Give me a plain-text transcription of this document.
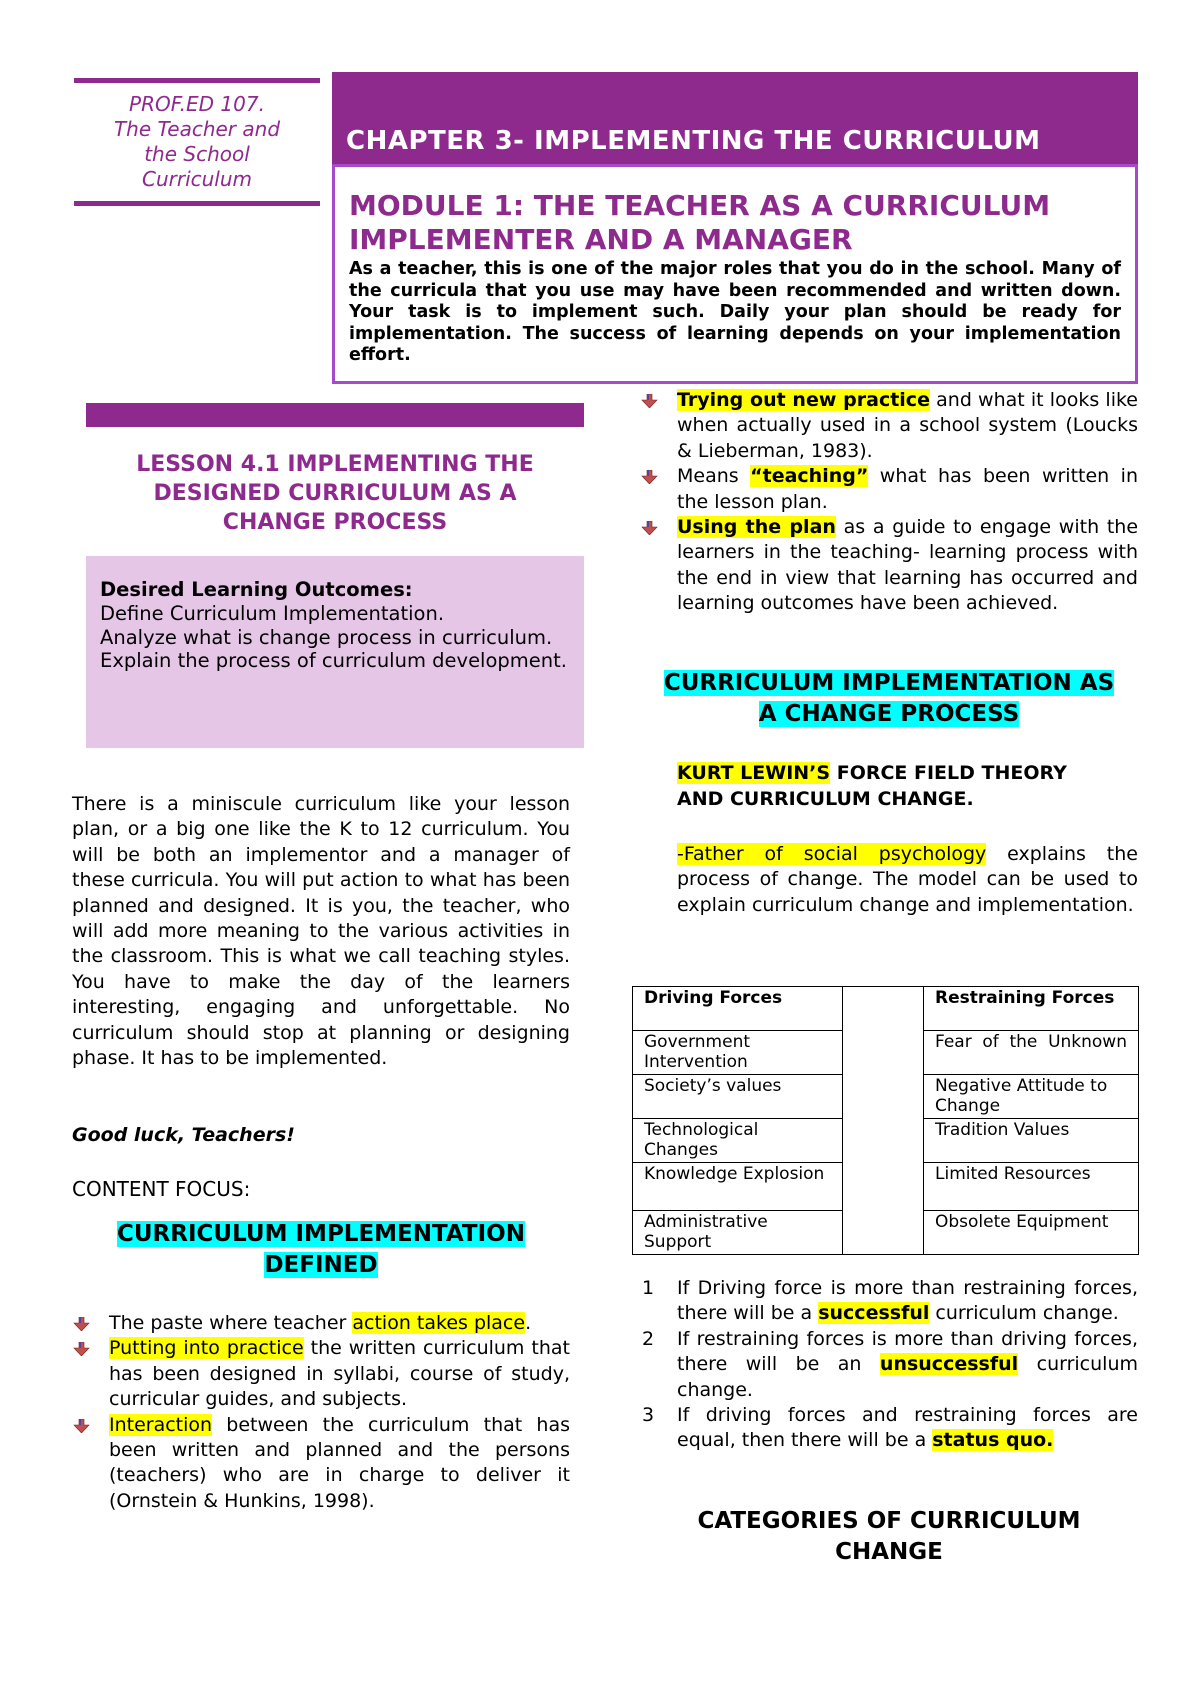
PROF.ED 107.
The Teacher and
the School
Curriculum
CHAPTER 3- IMPLEMENTING THE CURRICULUM
MODULE 1: THE TEACHER AS A CURRICULUM
IMPLEMENTER AND A MANAGER
As a teacher, this is one of the major roles that you do in the school. Many of the curricula that you use may have been recommended and written down. Your task is to implement such. Daily your plan should be ready for implementation. The success of learning depends on your implementation effort.
LESSON 4.1 IMPLEMENTING THE
DESIGNED CURRICULUM AS A
CHANGE PROCESS
Desired Learning Outcomes:
Define Curriculum Implementation.
Analyze what is change process in curriculum.
Explain the process of curriculum development.

There is a miniscule curriculum like your lesson plan, or a big one like the K to 12 curriculum. You will be both an implementor and a manager of these curricula. You will put action to what has been planned and designed. It is you, the teacher, who will add more meaning to the various activities in the classroom. This is what we call teaching styles. You have to make the day of the learners interesting, engaging and unforgettable. No curriculum should stop at planning or designing phase. It has to be implemented.

Good luck, Teachers!
CONTENT FOCUS:
CURRICULUM IMPLEMENTATION
DEFINED
The paste where teacher action takes place.
Putting into practice the written curriculum that has been designed in syllabi, course of study, curricular guides, and subjects.
Interaction between the curriculum that has been written and planned and the persons (teachers) who are in charge to deliver it (Ornstein & Hunkins, 1998).
Trying out new practice and what it looks like when actually used in a school system (Loucks & Lieberman, 1983).
Means “teaching” what has been written in the lesson plan.
Using the plan as a guide to engage with the learners in the teaching- learning process with the end in view that learning has occurred and learning outcomes have been achieved.
CURRICULUM IMPLEMENTATION AS
A CHANGE PROCESS
KURT LEWIN’S FORCE FIELD THEORY
AND CURRICULUM CHANGE.

-Father of social psychology explains the process of change. The model can be used to explain curriculum change and implementation.

Driving Forces		Restraining Forces
Government Intervention		Fear of the Unknown
Society’s values		Negative Attitude to Change
Technological Changes		Tradition Values
Knowledge Explosion		Limited Resources
Administrative Support		Obsolete Equipment
1 If Driving force is more than restraining forces, there will be a successful curriculum change.
2 If restraining forces is more than driving forces, there will be an unsuccessful curriculum change.
3 If driving forces and restraining forces are equal, then there will be a status quo.
CATEGORIES OF CURRICULUM
CHANGE
